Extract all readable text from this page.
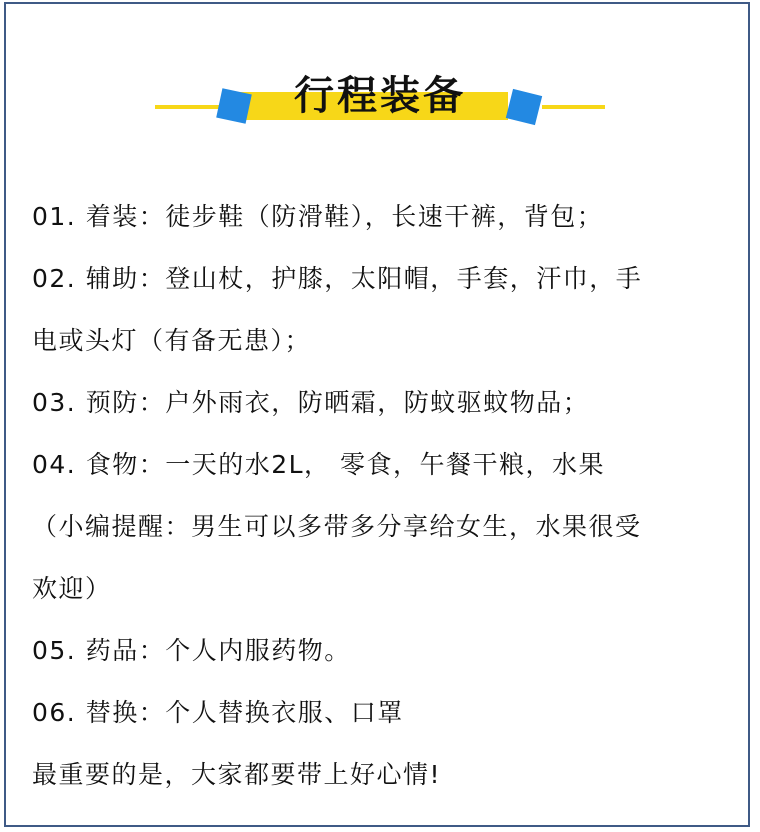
行程装备
01. 着装：徒步鞋（防滑鞋），长速干裤，背包；
02. 辅助：登山杖，护膝，太阳帽，手套，汗巾，手
电或头灯（有备无患）；
03. 预防：户外雨衣，防晒霜，防蚊驱蚊物品；
04. 食物：一天的水2L， 零食，午餐干粮，水果
（小编提醒：男生可以多带多分享给女生，水果很受
欢迎）
05. 药品：个人内服药物。
06. 替换：个人替换衣服、口罩
最重要的是，大家都要带上好心情!
